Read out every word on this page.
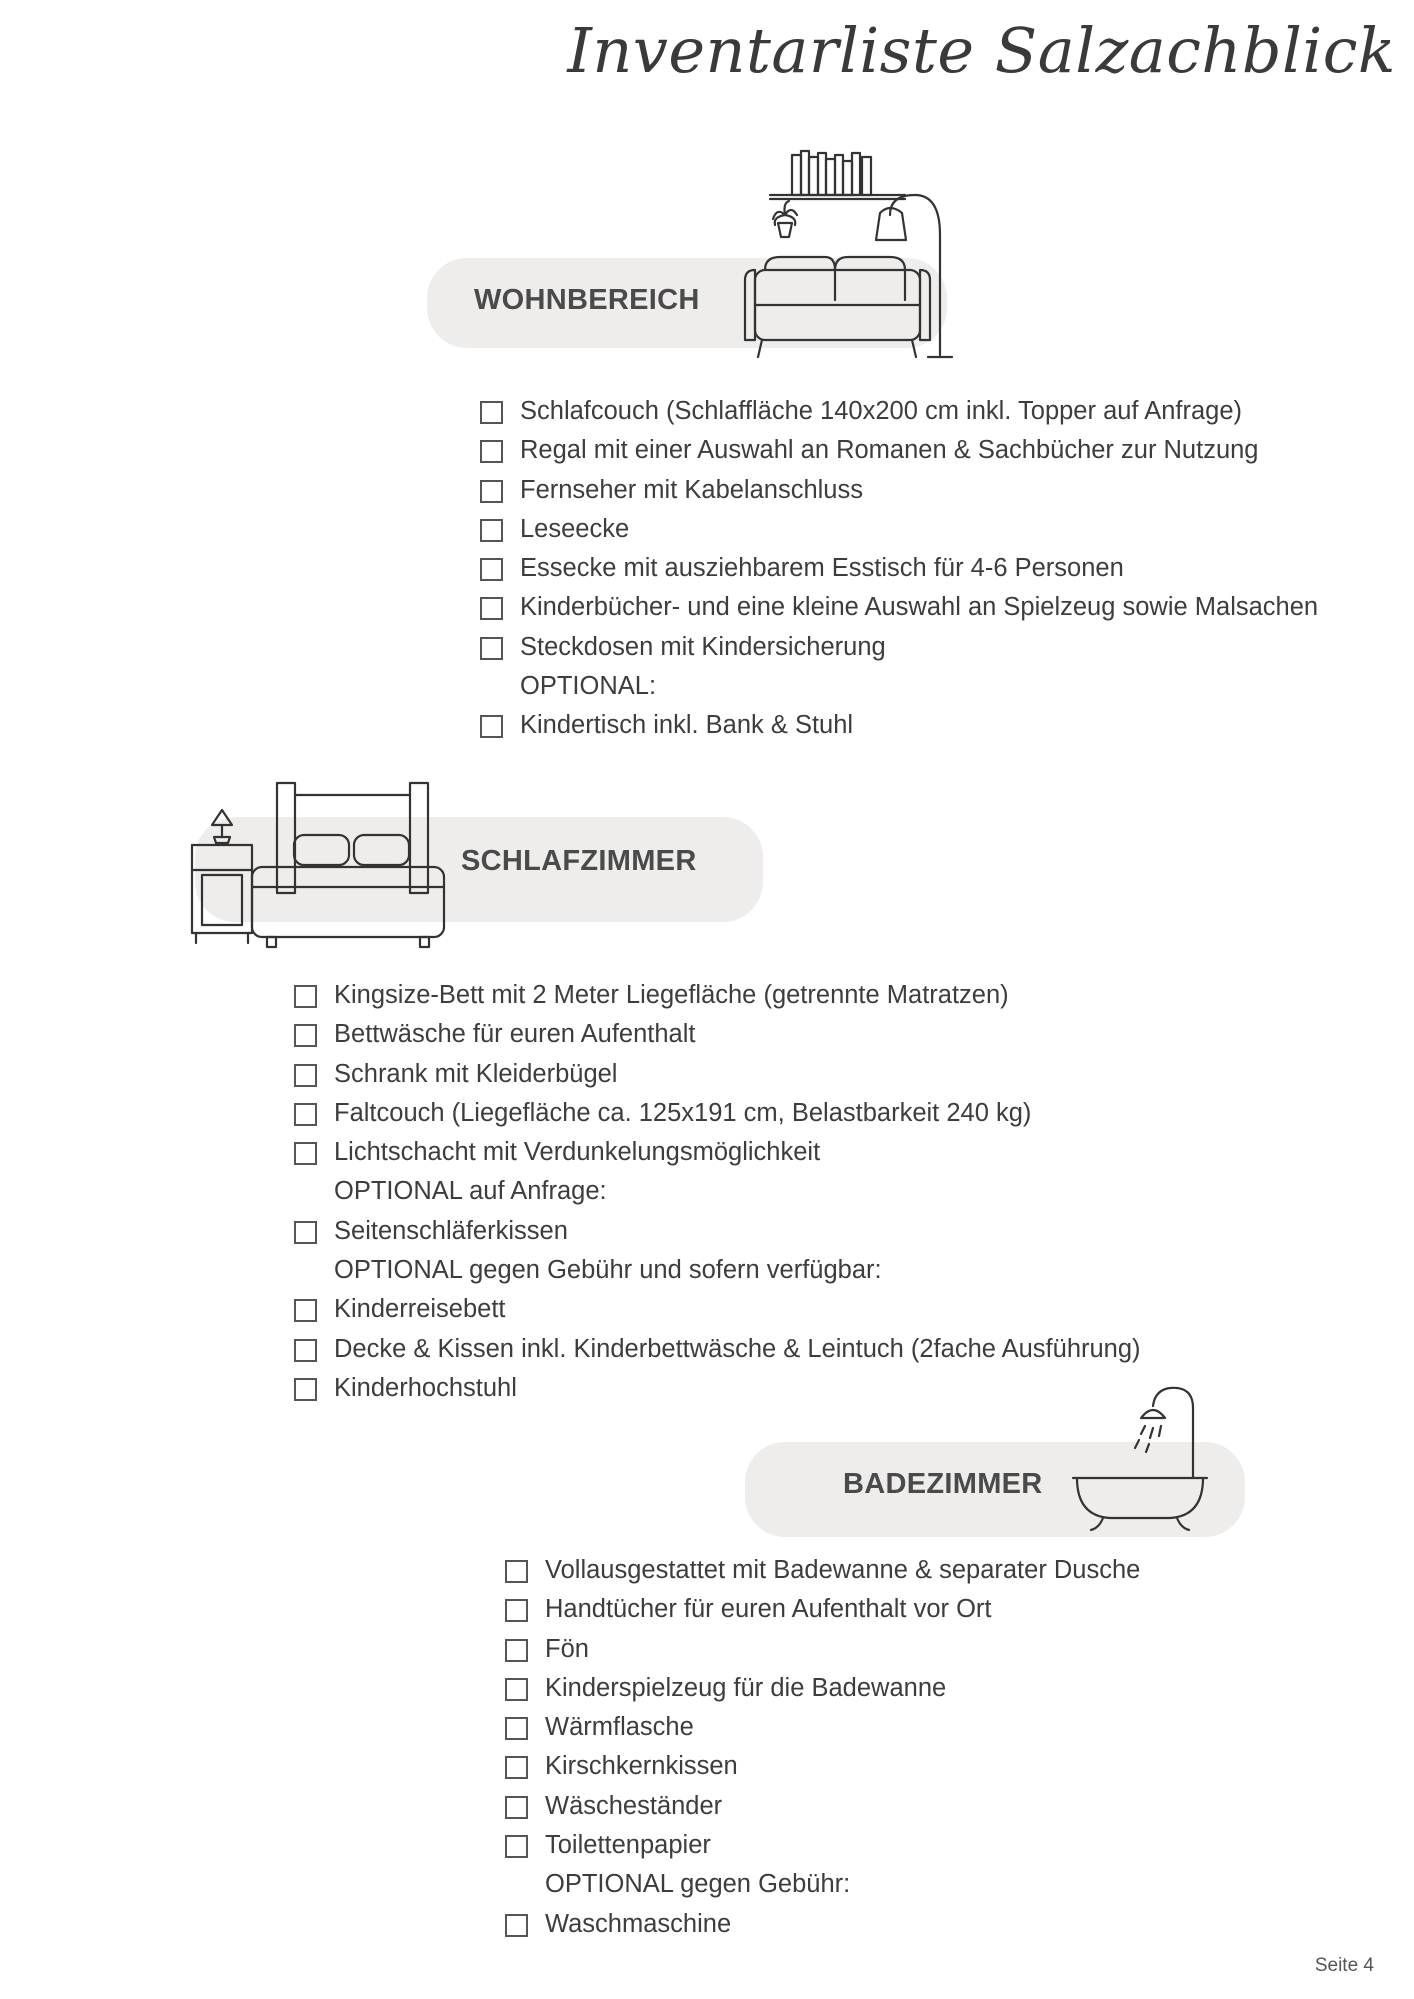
Inventarliste Salzachblick
WOHNBEREICH
Schlafcouch (Schlaffläche 140x200 cm inkl. Topper auf Anfrage)
Regal mit einer Auswahl an Romanen & Sachbücher zur Nutzung
Fernseher mit Kabelanschluss
Leseecke
Essecke mit ausziehbarem Esstisch für 4-6 Personen
Kinderbücher- und eine kleine Auswahl an Spielzeug sowie Malsachen
Steckdosen mit Kindersicherung
OPTIONAL:
Kindertisch inkl. Bank & Stuhl
SCHLAFZIMMER
Kingsize-Bett mit 2 Meter Liegefläche (getrennte Matratzen)
Bettwäsche für euren Aufenthalt
Schrank mit Kleiderbügel
Faltcouch (Liegefläche ca. 125x191 cm, Belastbarkeit 240 kg)
Lichtschacht mit Verdunkelungsmöglichkeit
OPTIONAL auf Anfrage:
Seitenschläferkissen
OPTIONAL gegen Gebühr und sofern verfügbar:
Kinderreisebett
Decke & Kissen inkl. Kinderbettwäsche & Leintuch (2fache Ausführung)
Kinderhochstuhl
BADEZIMMER
Vollausgestattet mit Badewanne & separater Dusche
Handtücher für euren Aufenthalt vor Ort
Fön
Kinderspielzeug für die Badewanne
Wärmflasche
Kirschkernkissen
Wäscheständer
Toilettenpapier
OPTIONAL gegen Gebühr:
Waschmaschine
Seite 4
